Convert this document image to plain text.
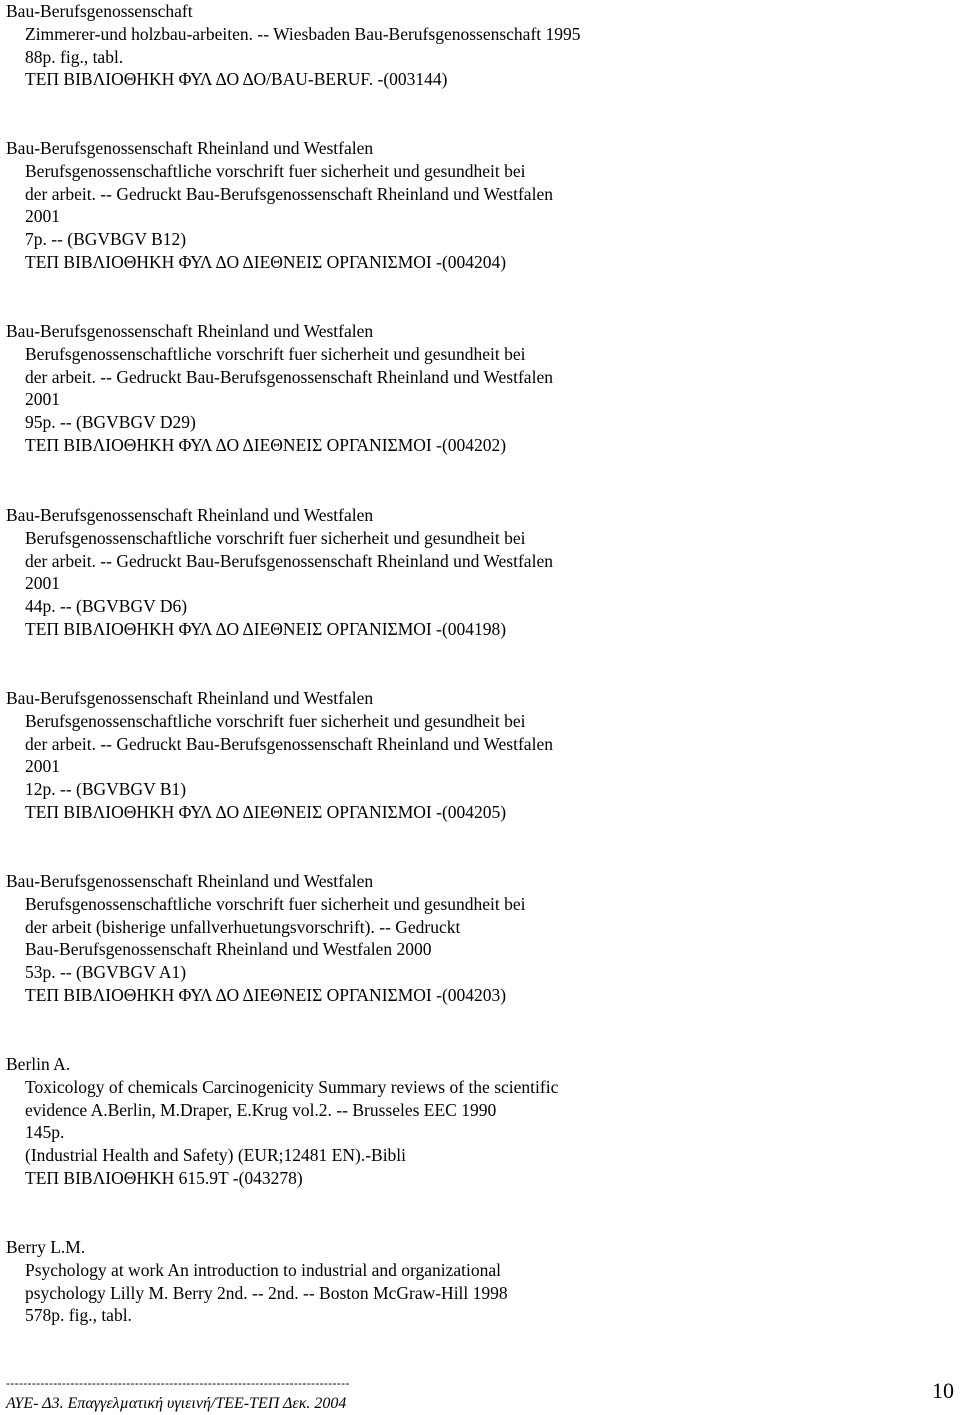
Bau-Berufsgenossenschaft
Zimmerer-und holzbau-arbeiten. -- Wiesbaden Bau-Berufsgenossenschaft 1995
88p. fig., tabl.
ΤΕΠ ΒΙΒΛΙΟΘΗΚΗ ΦΥΛ ΔΟ ΔΟ/BAU-BERUF. -(003144)
Bau-Berufsgenossenschaft Rheinland und Westfalen
Berufsgenossenschaftliche vorschrift fuer sicherheit und gesundheit bei
der arbeit. -- Gedruckt Bau-Berufsgenossenschaft Rheinland und Westfalen
2001
7p. -- (BGVBGV B12)
ΤΕΠ ΒΙΒΛΙΟΘΗΚΗ ΦΥΛ ΔΟ ΔΙΕΘΝΕΙΣ ΟΡΓΑΝΙΣΜΟΙ -(004204)
Bau-Berufsgenossenschaft Rheinland und Westfalen
Berufsgenossenschaftliche vorschrift fuer sicherheit und gesundheit bei
der arbeit. -- Gedruckt Bau-Berufsgenossenschaft Rheinland und Westfalen
2001
95p. -- (BGVBGV D29)
ΤΕΠ ΒΙΒΛΙΟΘΗΚΗ ΦΥΛ ΔΟ ΔΙΕΘΝΕΙΣ ΟΡΓΑΝΙΣΜΟΙ -(004202)
Bau-Berufsgenossenschaft Rheinland und Westfalen
Berufsgenossenschaftliche vorschrift fuer sicherheit und gesundheit bei
der arbeit. -- Gedruckt Bau-Berufsgenossenschaft Rheinland und Westfalen
2001
44p. -- (BGVBGV D6)
ΤΕΠ ΒΙΒΛΙΟΘΗΚΗ ΦΥΛ ΔΟ ΔΙΕΘΝΕΙΣ ΟΡΓΑΝΙΣΜΟΙ -(004198)
Bau-Berufsgenossenschaft Rheinland und Westfalen
Berufsgenossenschaftliche vorschrift fuer sicherheit und gesundheit bei
der arbeit. -- Gedruckt Bau-Berufsgenossenschaft Rheinland und Westfalen
2001
12p. -- (BGVBGV B1)
ΤΕΠ ΒΙΒΛΙΟΘΗΚΗ ΦΥΛ ΔΟ ΔΙΕΘΝΕΙΣ ΟΡΓΑΝΙΣΜΟΙ -(004205)
Bau-Berufsgenossenschaft Rheinland und Westfalen
Berufsgenossenschaftliche vorschrift fuer sicherheit und gesundheit bei
der arbeit (bisherige unfallverhuetungsvorschrift). -- Gedruckt
Bau-Berufsgenossenschaft Rheinland und Westfalen 2000
53p. -- (BGVBGV A1)
ΤΕΠ ΒΙΒΛΙΟΘΗΚΗ ΦΥΛ ΔΟ ΔΙΕΘΝΕΙΣ ΟΡΓΑΝΙΣΜΟΙ -(004203)
Berlin A.
Toxicology of chemicals Carcinogenicity Summary reviews of the scientific
evidence A.Berlin, M.Draper, E.Krug vol.2. -- Brusseles EEC 1990
145p.
(Industrial Health and Safety) (EUR;12481 EN).-Bibli
ΤΕΠ ΒΙΒΛΙΟΘΗΚΗ 615.9T -(043278)
Berry L.M.
Psychology at work An introduction to industrial and organizational
psychology Lilly M. Berry 2nd. -- 2nd. -- Boston McGraw-Hill 1998
578p. fig., tabl.
--------------------------------------------------------------------------------
ΑΥΕ- Δ3. Επαγγελµατική υγιεινή/ΤΕΕ-ΤΕΠ Δεκ. 2004
10
